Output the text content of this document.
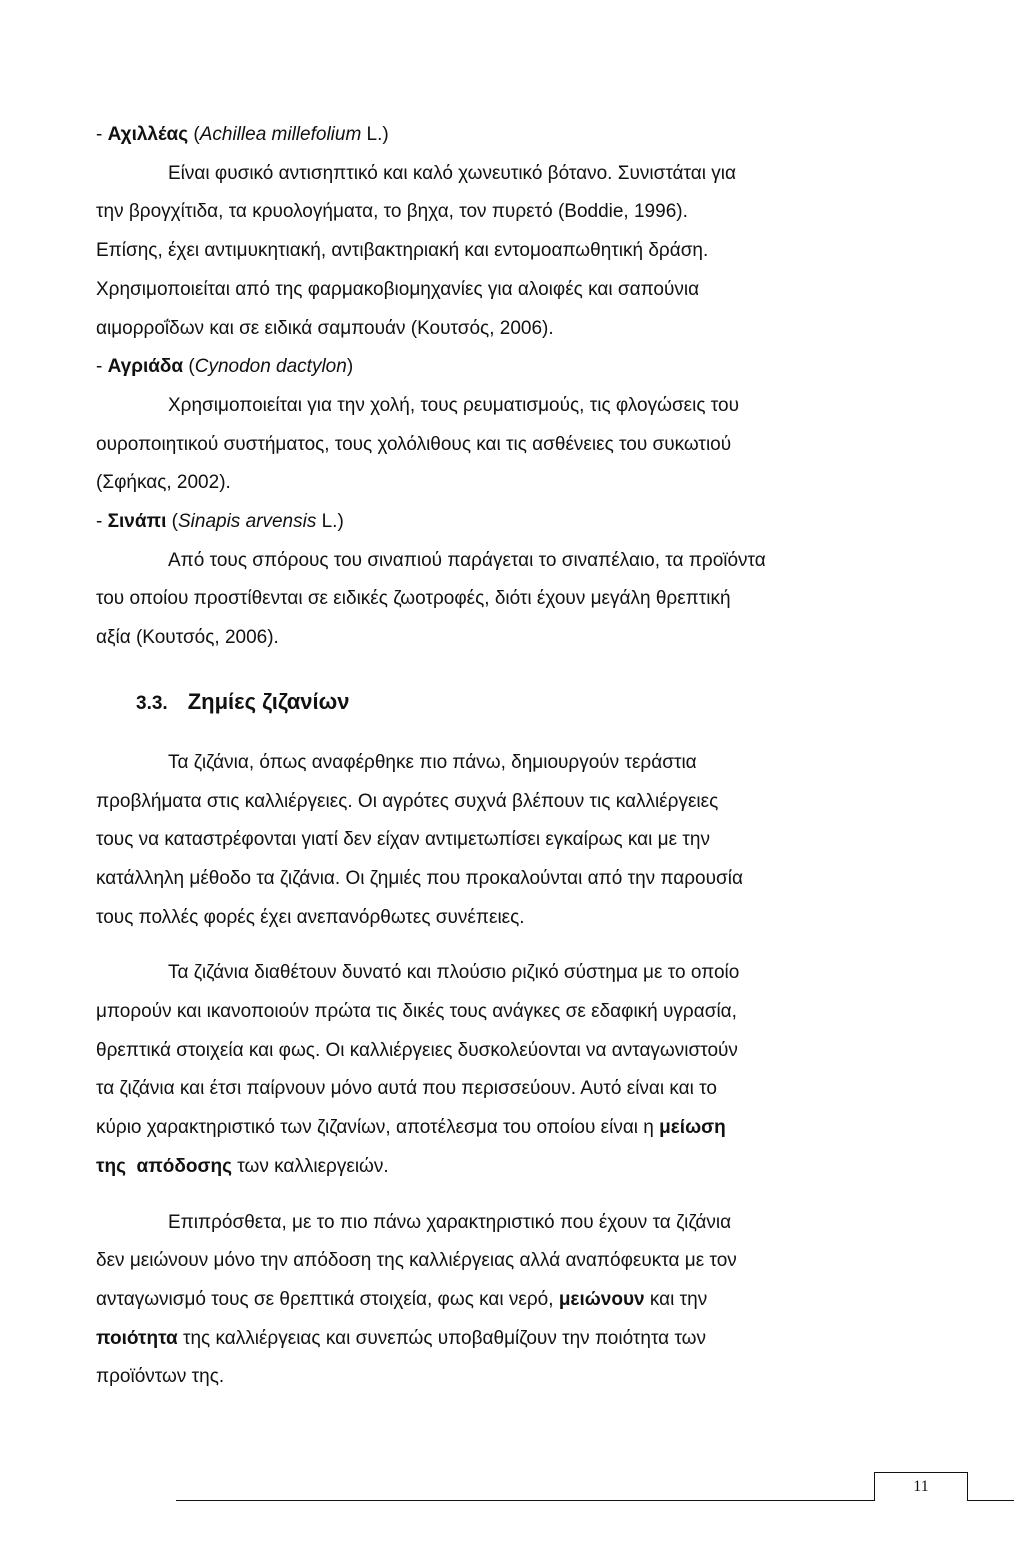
- Αχιλλέας (Achillea millefolium L.)

Είναι φυσικό αντισηπτικό και καλό χωνευτικό βότανο. Συνιστάται για

την βρογχίτιδα, τα κρυολογήματα, το βηχα, τον πυρετό (Boddie, 1996).

Επίσης, έχει αντιμυκητιακή, αντιβακτηριακή και εντομοαπωθητική δράση.

Χρησιμοποιείται από της φαρμακοβιομηχανίες για αλοιφές και σαπούνια

αιμορροΐδων και σε ειδικά σαμπουάν (Κουτσός, 2006).

- Αγριάδα (Cynodon dactylon)

Χρησιμοποιείται για την χολή, τους ρευματισμούς, τις φλογώσεις του

ουροποιητικού συστήματος, τους χολόλιθους και τις ασθένειες του συκωτιού

(Σφήκας, 2002).

- Σινάπι (Sinapis arvensis L.)

Από τους σπόρους του σιναπιού παράγεται το σιναπέλαιο, τα προϊόντα

του οποίου προστίθενται σε ειδικές ζωοτροφές, διότι έχουν μεγάλη θρεπτική

αξία (Κουτσός, 2006).

3.3. Ζημίες ζιζανίων

Τα ζιζάνια, όπως αναφέρθηκε πιο πάνω, δημιουργούν τεράστια

προβλήματα στις καλλιέργειες. Οι αγρότες συχνά βλέπουν τις καλλιέργειες

τους να καταστρέφονται γιατί δεν είχαν αντιμετωπίσει εγκαίρως και με την

κατάλληλη μέθοδο τα ζιζάνια. Οι ζημιές που προκαλούνται από την παρουσία

τους πολλές φορές έχει ανεπανόρθωτες συνέπειες.

Τα ζιζάνια διαθέτουν δυνατό και πλούσιο ριζικό σύστημα με το οποίο

μπορούν και ικανοποιούν πρώτα τις δικές τους ανάγκες σε εδαφική υγρασία,

θρεπτικά στοιχεία και φως. Οι καλλιέργειες δυσκολεύονται να ανταγωνιστούν

τα ζιζάνια και έτσι παίρνουν μόνο αυτά που περισσεύουν. Αυτό είναι και το

κύριο χαρακτηριστικό των ζιζανίων, αποτέλεσμα του οποίου είναι η μείωση

της  απόδοσης των καλλιεργειών.

Επιπρόσθετα, με το πιο πάνω χαρακτηριστικό που έχουν τα ζιζάνια

δεν μειώνουν μόνο την απόδοση της καλλιέργειας αλλά αναπόφευκτα με τον

ανταγωνισμό τους σε θρεπτικά στοιχεία, φως και νερό, μειώνουν και την

ποιότητα της καλλιέργειας και συνεπώς υποβαθμίζουν την ποιότητα των

προϊόντων της.

11
